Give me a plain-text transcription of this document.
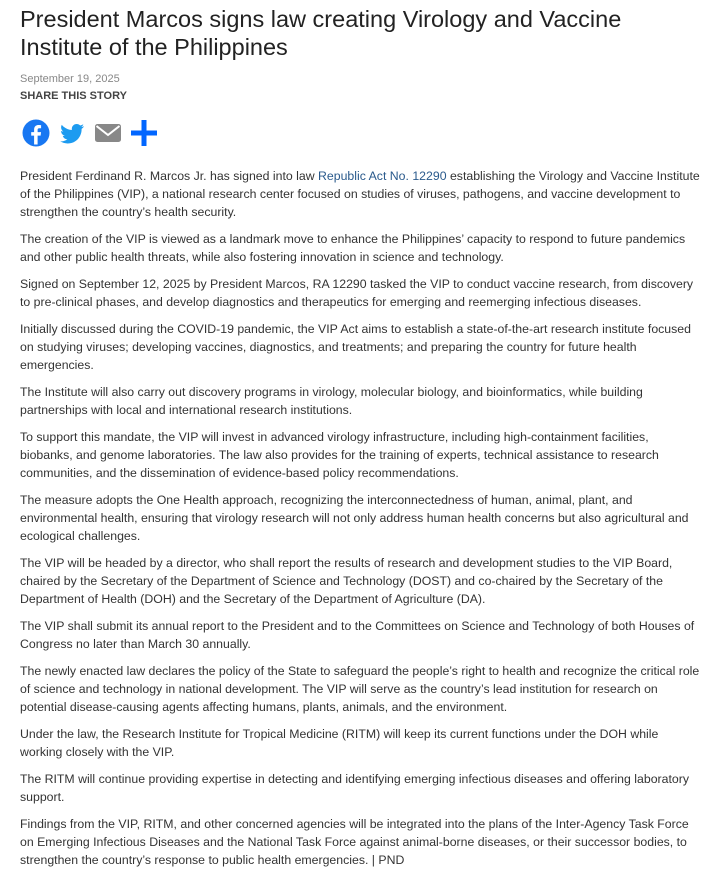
President Marcos signs law creating Virology and Vaccine Institute of the Philippines
September 19, 2025
SHARE THIS STORY

President Ferdinand R. Marcos Jr. has signed into law Republic Act No. 12290 establishing the Virology and Vaccine Institute of the Philippines (VIP), a national research center focused on studies of viruses, pathogens, and vaccine development to strengthen the country’s health security.

The creation of the VIP is viewed as a landmark move to enhance the Philippines’ capacity to respond to future pandemics and other public health threats, while also fostering innovation in science and technology.

Signed on September 12, 2025 by President Marcos, RA 12290 tasked the VIP to conduct vaccine research, from discovery to pre-clinical phases, and develop diagnostics and therapeutics for emerging and reemerging infectious diseases.

Initially discussed during the COVID-19 pandemic, the VIP Act aims to establish a state-of-the-art research institute focused on studying viruses; developing vaccines, diagnostics, and treatments; and preparing the country for future health emergencies.

The Institute will also carry out discovery programs in virology, molecular biology, and bioinformatics, while building partnerships with local and international research institutions.

To support this mandate, the VIP will invest in advanced virology infrastructure, including high-containment facilities, biobanks, and genome laboratories. The law also provides for the training of experts, technical assistance to research communities, and the dissemination of evidence-based policy recommendations.

The measure adopts the One Health approach, recognizing the interconnectedness of human, animal, plant, and environmental health, ensuring that virology research will not only address human health concerns but also agricultural and ecological challenges.

The VIP will be headed by a director, who shall report the results of research and development studies to the VIP Board, chaired by the Secretary of the Department of Science and Technology (DOST) and co-chaired by the Secretary of the Department of Health (DOH) and the Secretary of the Department of Agriculture (DA).

The VIP shall submit its annual report to the President and to the Committees on Science and Technology of both Houses of Congress no later than March 30 annually.

The newly enacted law declares the policy of the State to safeguard the people’s right to health and recognize the critical role of science and technology in national development. The VIP will serve as the country’s lead institution for research on potential disease-causing agents affecting humans, plants, animals, and the environment.

Under the law, the Research Institute for Tropical Medicine (RITM) will keep its current functions under the DOH while working closely with the VIP.

The RITM will continue providing expertise in detecting and identifying emerging infectious diseases and offering laboratory support.

Findings from the VIP, RITM, and other concerned agencies will be integrated into the plans of the Inter-Agency Task Force on Emerging Infectious Diseases and the National Task Force against animal-borne diseases, or their successor bodies, to strengthen the country’s response to public health emergencies. | PND
